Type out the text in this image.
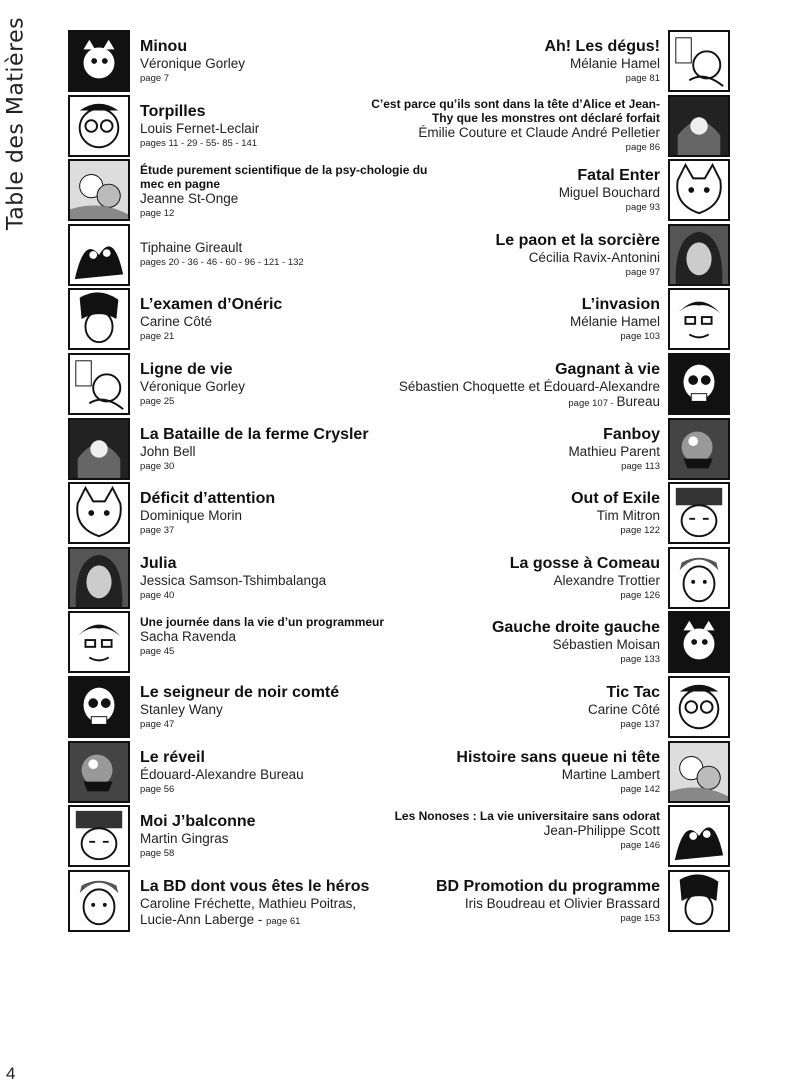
Table des Matières
4
Minou
Véronique Gorley
page 7
Torpilles
Louis Fernet-Leclair
pages 11 - 29 - 55- 85 - 141
Étude purement scientifique de la psy-chologie du mec en pagne
Jeanne St-Onge
page 12
Tiphaine Gireault
pages 20 - 36 - 46 - 60 - 96 - 121 - 132
L’examen d’Onéric
Carine Côté
page 21
Ligne de vie
Véronique Gorley
page 25
La Bataille de la ferme Crysler
John Bell
page 30
Déficit d’attention
Dominique Morin
page 37
Julia
Jessica Samson-Tshimbalanga
page 40
Une journée dans la vie d’un programmeur
Sacha Ravenda
page 45
Le seigneur de noir comté
Stanley Wany
page 47
Le réveil
Édouard-Alexandre Bureau
page 56
Moi J’balconne
Martin Gingras
page 58
La BD dont vous êtes le héros
Caroline Fréchette, Mathieu Poitras,
Lucie-Ann Laberge - page 61
Ah! Les dégus!
Mélanie Hamel
page 81
C’est parce qu’ils sont dans la tête d’Alice et Jean-Thy que les monstres ont déclaré forfait
Émilie Couture et Claude André Pelletier
page 86
Fatal Enter
Miguel Bouchard
page 93
Le paon et la sorcière
Cécilia Ravix-Antonini
page 97
L’invasion
Mélanie Hamel
page 103
Gagnant à vie
Sébastien Choquette et Édouard-Alexandre
page 107 - Bureau
Fanboy
Mathieu Parent
page 113
Out of Exile
Tim Mitron
page 122
La gosse à Comeau
Alexandre Trottier
page 126
Gauche droite gauche
Sébastien Moisan
page 133
Tic Tac
Carine Côté
page 137
Histoire sans queue ni tête
Martine Lambert
page 142
Les Nonoses : La vie universitaire sans odorat
Jean-Philippe Scott
page 146
BD Promotion du programme
Iris Boudreau et Olivier Brassard
page 153
